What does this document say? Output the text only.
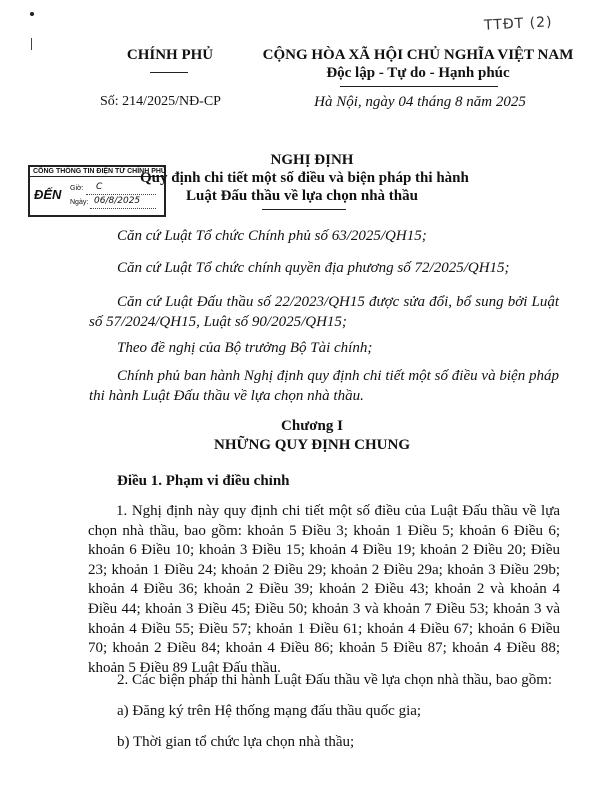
TTĐT (2)
CHÍNH PHỦ	CỘNG HÒA XÃ HỘI CHỦ NGHĨA VIỆT NAM
Độc lập - Tự do - Hạnh phúc
Số: 214/2025/NĐ-CP	Hà Nội, ngày 04 tháng 8 năm 2025
CỔNG THÔNG TIN ĐIỆN TỬ CHÍNH PHỦ
ĐẾN Giờ: C
Ngày: 06/8/2025
NGHỊ ĐỊNH
Quy định chi tiết một số điều và biện pháp thi hành
Luật Đấu thầu về lựa chọn nhà thầu
Căn cứ Luật Tổ chức Chính phủ số 63/2025/QH15;
Căn cứ Luật Tổ chức chính quyền địa phương số 72/2025/QH15;
Căn cứ Luật Đấu thầu số 22/2023/QH15 được sửa đổi, bổ sung bởi Luật số 57/2024/QH15, Luật số 90/2025/QH15;
Theo đề nghị của Bộ trưởng Bộ Tài chính;
Chính phủ ban hành Nghị định quy định chi tiết một số điều và biện pháp thi hành Luật Đấu thầu về lựa chọn nhà thầu.
Chương I
NHỮNG QUY ĐỊNH CHUNG
Điều 1. Phạm vi điều chỉnh
1. Nghị định này quy định chi tiết một số điều của Luật Đấu thầu về lựa chọn nhà thầu, bao gồm: khoản 5 Điều 3; khoản 1 Điều 5; khoản 6 Điều 6; khoản 6 Điều 10; khoản 3 Điều 15; khoản 4 Điều 19; khoản 2 Điều 20; Điều 23; khoản 1 Điều 24; khoản 2 Điều 29; khoản 2 Điều 29a; khoản 3 Điều 29b; khoản 4 Điều 36; khoản 2 Điều 39; khoản 2 Điều 43; khoản 2 và khoản 4 Điều 44; khoản 3 Điều 45; Điều 50; khoản 3 và khoản 7 Điều 53; khoản 3 và khoản 4 Điều 55; Điều 57; khoản 1 Điều 61; khoản 4 Điều 67; khoản 6 Điều 70; khoản 2 Điều 84; khoản 4 Điều 86; khoản 5 Điều 87; khoản 4 Điều 88; khoản 5 Điều 89 Luật Đấu thầu.
2. Các biện pháp thi hành Luật Đấu thầu về lựa chọn nhà thầu, bao gồm:
a) Đăng ký trên Hệ thống mạng đấu thầu quốc gia;
b) Thời gian tổ chức lựa chọn nhà thầu;
